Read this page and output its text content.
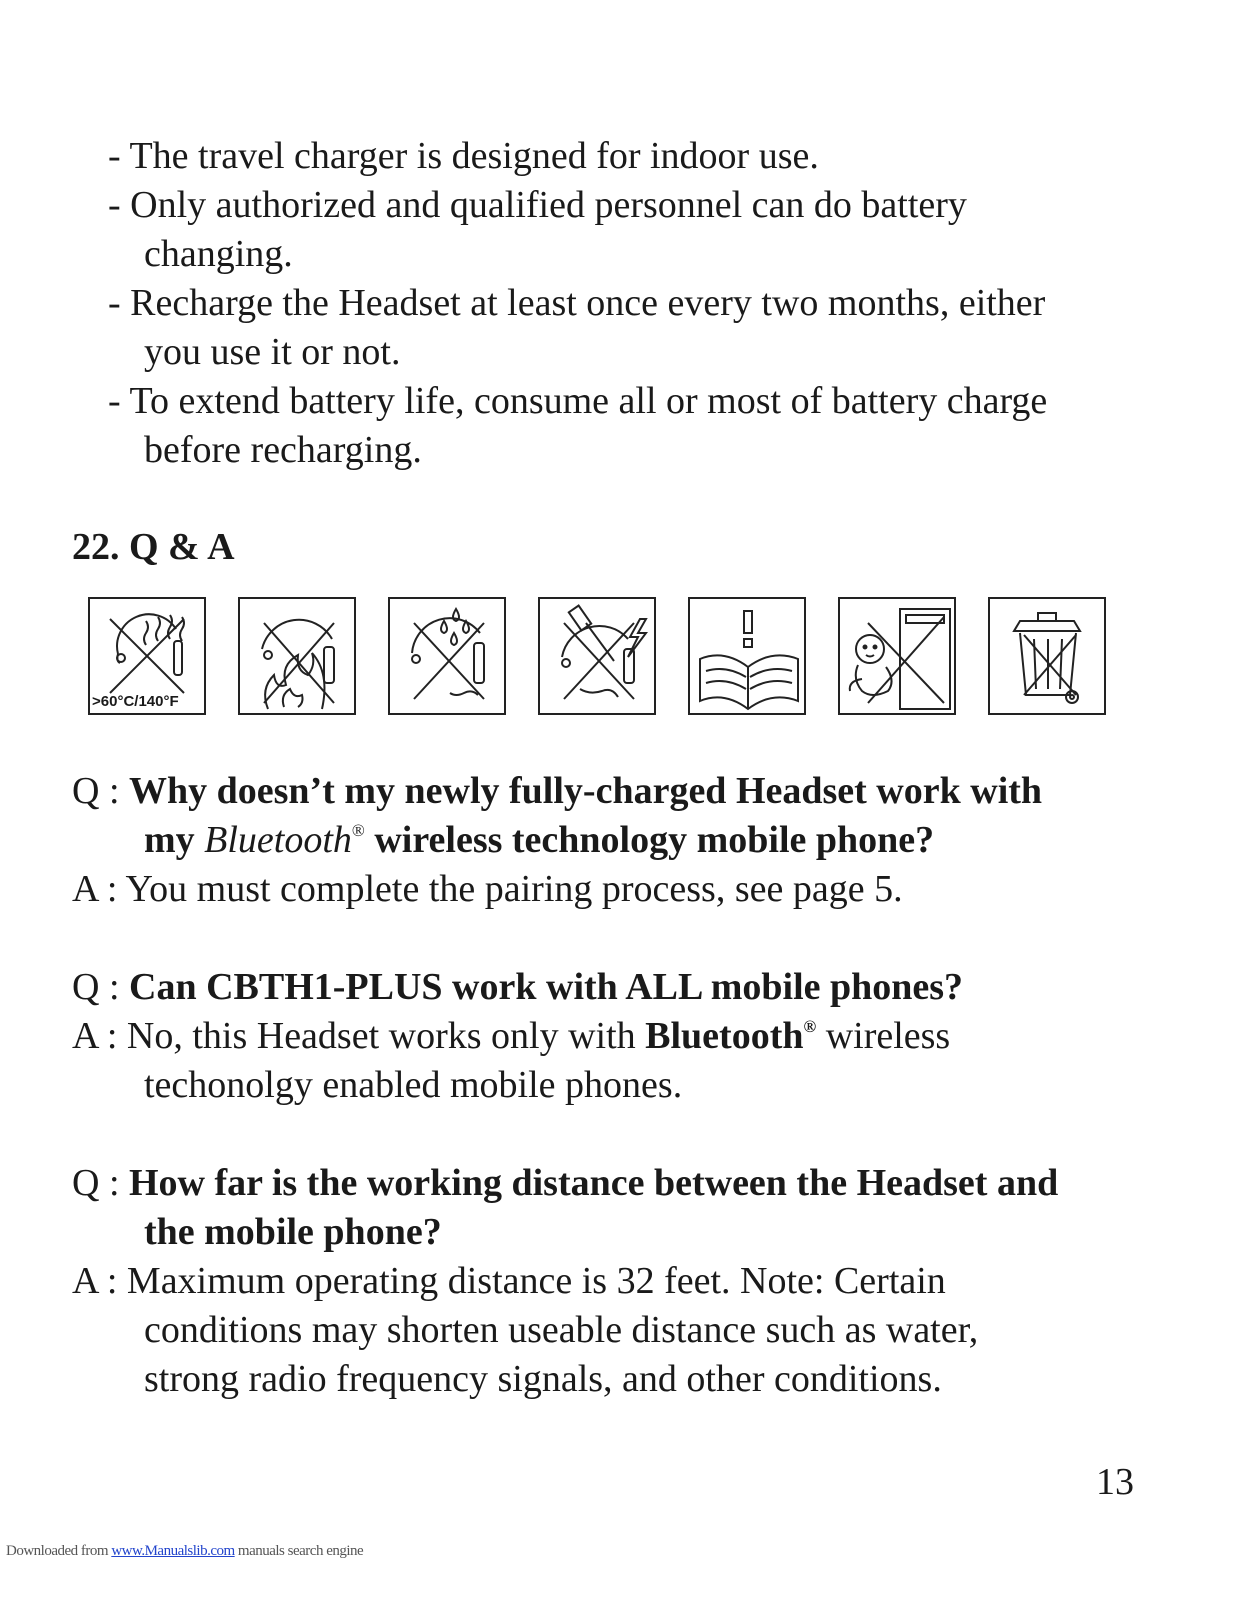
- The travel charger is designed for indoor use.
- Only authorized and qualified personnel can do battery
changing.
- Recharge the Headset at least once every two months, either
you use it or not.
- To extend battery life, consume all or most of battery charge
before recharging.
22. Q & A
>60°C/140°F
Q : Why doesn’t my newly fully-charged Headset work with
my Bluetooth® wireless technology mobile phone?
A : You must complete the pairing process, see page 5.
Q : Can CBTH1-PLUS work with ALL mobile phones?
A : No, this Headset works only with Bluetooth® wireless
techonolgy enabled mobile phones.
Q : How far is the working distance between the Headset and
the mobile phone?
A : Maximum operating distance is 32 feet. Note: Certain
conditions may shorten useable distance such as water,
strong radio frequency signals, and other conditions.
13
Downloaded from www.Manualslib.com manuals search engine
